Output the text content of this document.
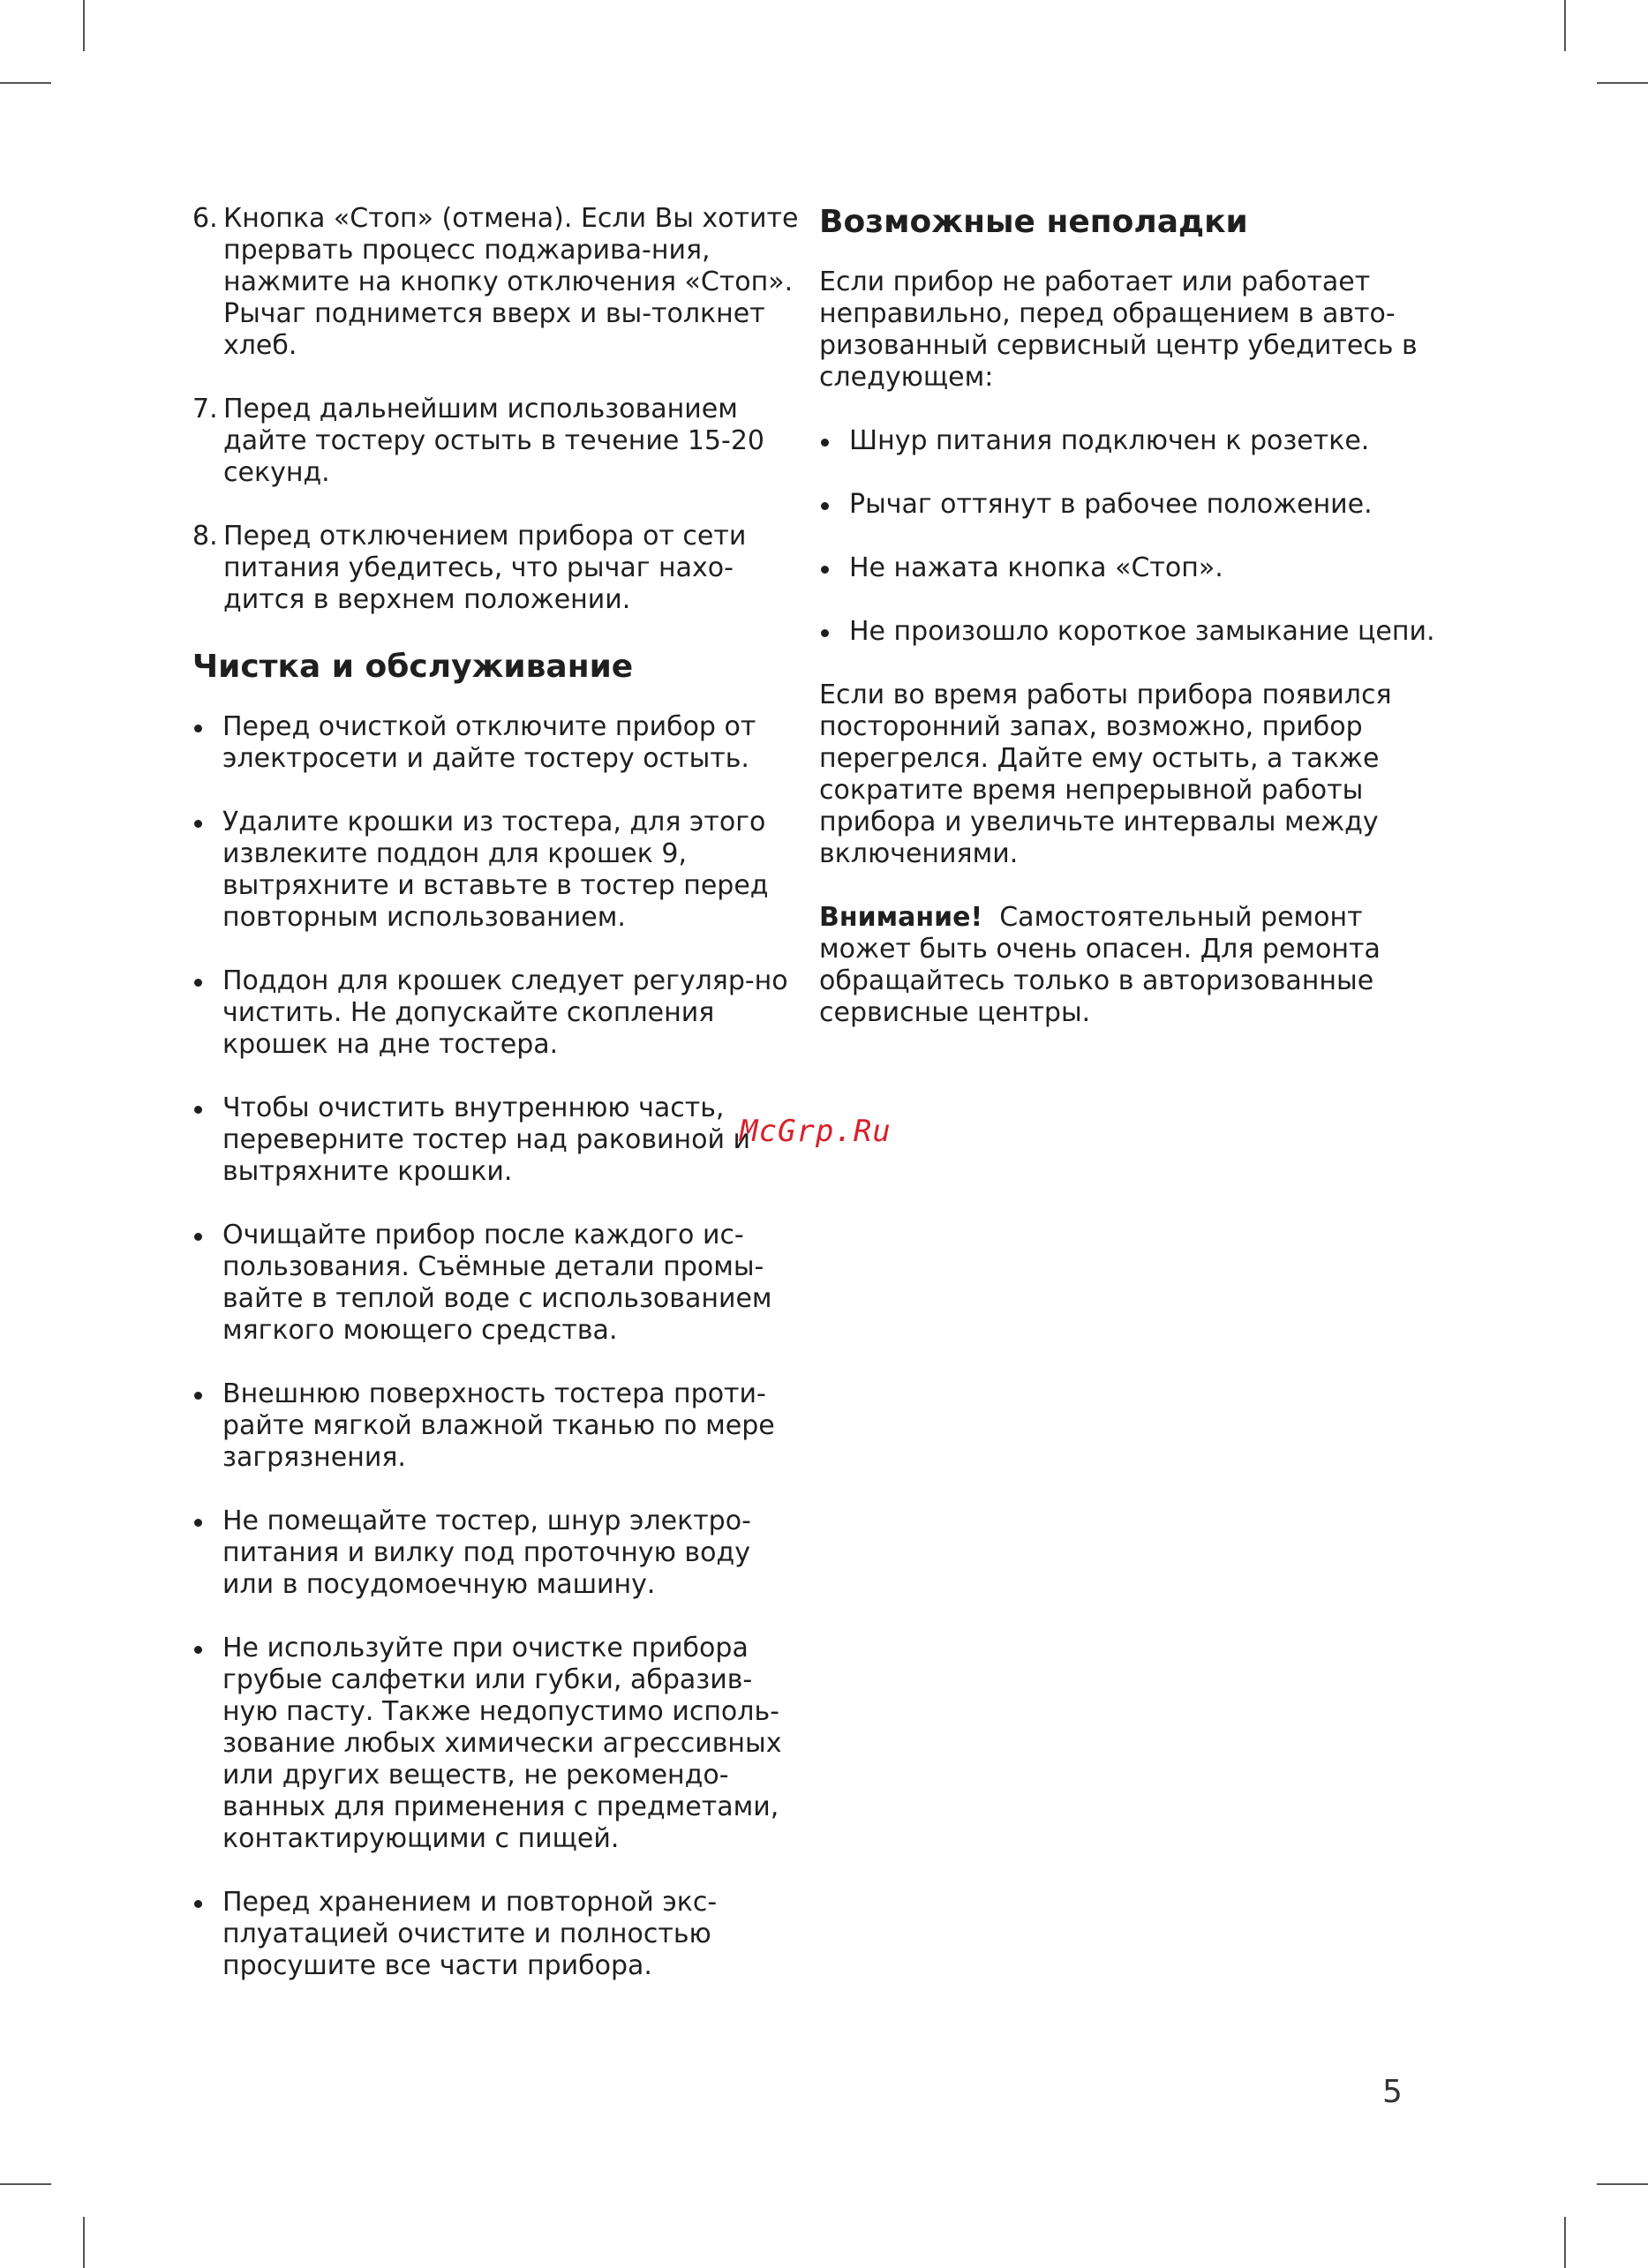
6. Кнопка «Стоп» (отмена). Если Вы хотите прервать процесс поджарива-ния, нажмите на кнопку отключения «Стоп». Рычаг поднимется вверх и вы-толкнет хлеб.
7. Перед дальнейшим использованием дайте тостеру остыть в течение 15-20 секунд.
8. Перед отключением прибора от сети питания убедитесь, что рычаг нахо-дится в верхнем положении.
Чистка и обслуживание
Перед очисткой отключите прибор от электросети и дайте тостеру остыть.
Удалите крошки из тостера, для этого извлеките поддон для крошек 9, вытряхните и вставьте в тостер перед повторным использованием.
Поддон для крошек следует регуляр-но чистить. Не допускайте скопления крошек на дне тостера.
Чтобы очистить внутреннюю часть, переверните тостер над раковиной и вытряхните крошки.
Очищайте прибор после каждого ис-пользования. Съёмные детали промы-вайте в теплой воде с использованием мягкого моющего средства.
Внешнюю поверхность тостера проти-райте мягкой влажной тканью по мере загрязнения.
Не помещайте тостер, шнур электро-питания и вилку под проточную воду или в посудомоечную машину.
Не используйте при очистке прибора грубые салфетки или губки, абразив-ную пасту. Также недопустимо исполь-зование любых химически агрессивных или других веществ, не рекомендо-ванных для применения с предметами, контактирующими с пищей.
Перед хранением и повторной экс-плуатацией очистите и полностью просушите все части прибора.
Возможные неполадки

Если прибор не работает или работает неправильно, перед обращением в авто-ризованный сервисный центр убедитесь в следующем:

Шнур питания подключен к розетке.
Рычаг оттянут в рабочее положение.
Не нажата кнопка «Стоп».
Не произошло короткое замыкание цепи.

Если во время работы прибора появился посторонний запах, возможно, прибор перегрелся. Дайте ему остыть, а также сократите время непрерывной работы прибора и увеличьте интервалы между включениями.

Внимание! Самостоятельный ремонт может быть очень опасен. Для ремонта обращайтесь только в авторизованные сервисные центры.

McGrp.Ru
5
